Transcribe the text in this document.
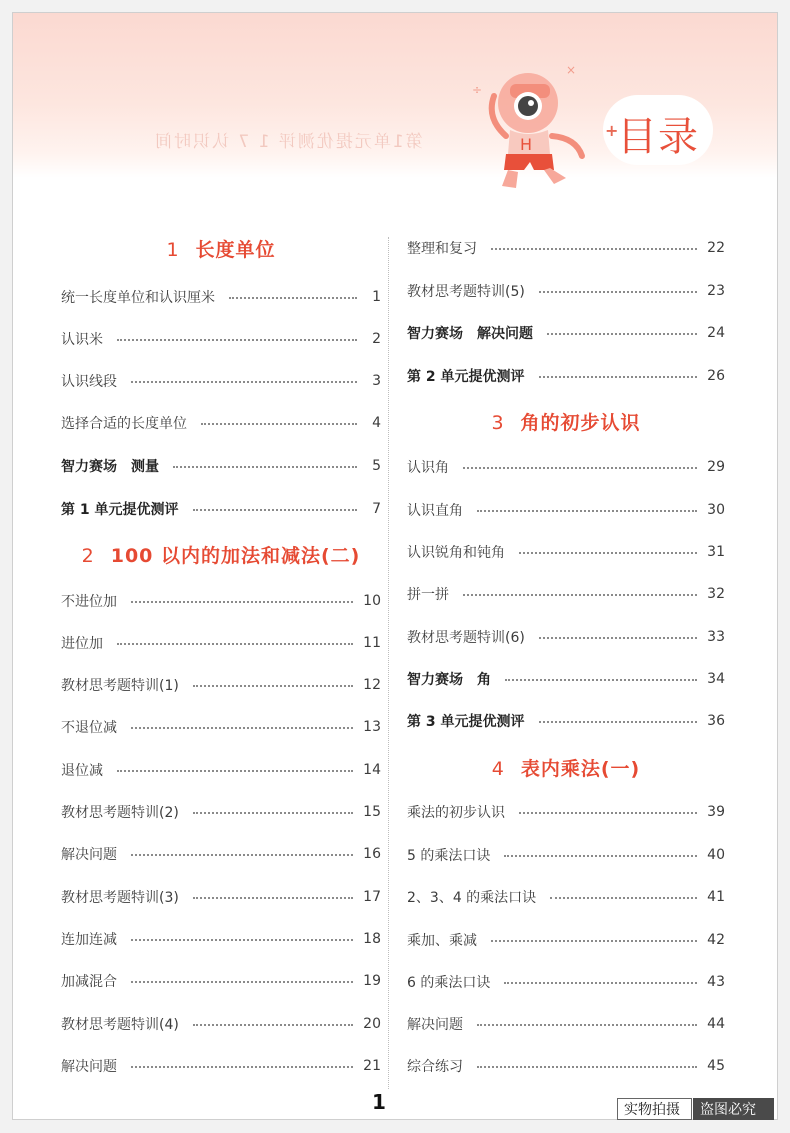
第1单元提优测评 1 7 认识时间	H
÷
×
+
目录
1 长度单位
统一长度单位和认识厘米	1
认识米	2
认识线段	3
选择合适的长度单位	4
智力赛场　测量	5
第 1 单元提优测评	7
2 100 以内的加法和减法(二)
不进位加	10
进位加	11
教材思考题特训(1)	12
不退位减	13
退位减	14
教材思考题特训(2)	15
解决问题	16
教材思考题特训(3)	17
连加连减	18
加减混合	19
教材思考题特训(4)	20
解决问题	21
整理和复习	22
教材思考题特训(5)	23
智力赛场　解决问题	24
第 2 单元提优测评	26
3 角的初步认识
认识角	29
认识直角	30
认识锐角和钝角	31
拼一拼	32
教材思考题特训(6)	33
智力赛场　角	34
第 3 单元提优测评	36
4 表内乘法(一)
乘法的初步认识	39
5 的乘法口诀	40
2、3、4 的乘法口诀	41
乘加、乘减	42
6 的乘法口诀	43
解决问题	44
综合练习	45
1	实物拍摄	盗图必究
